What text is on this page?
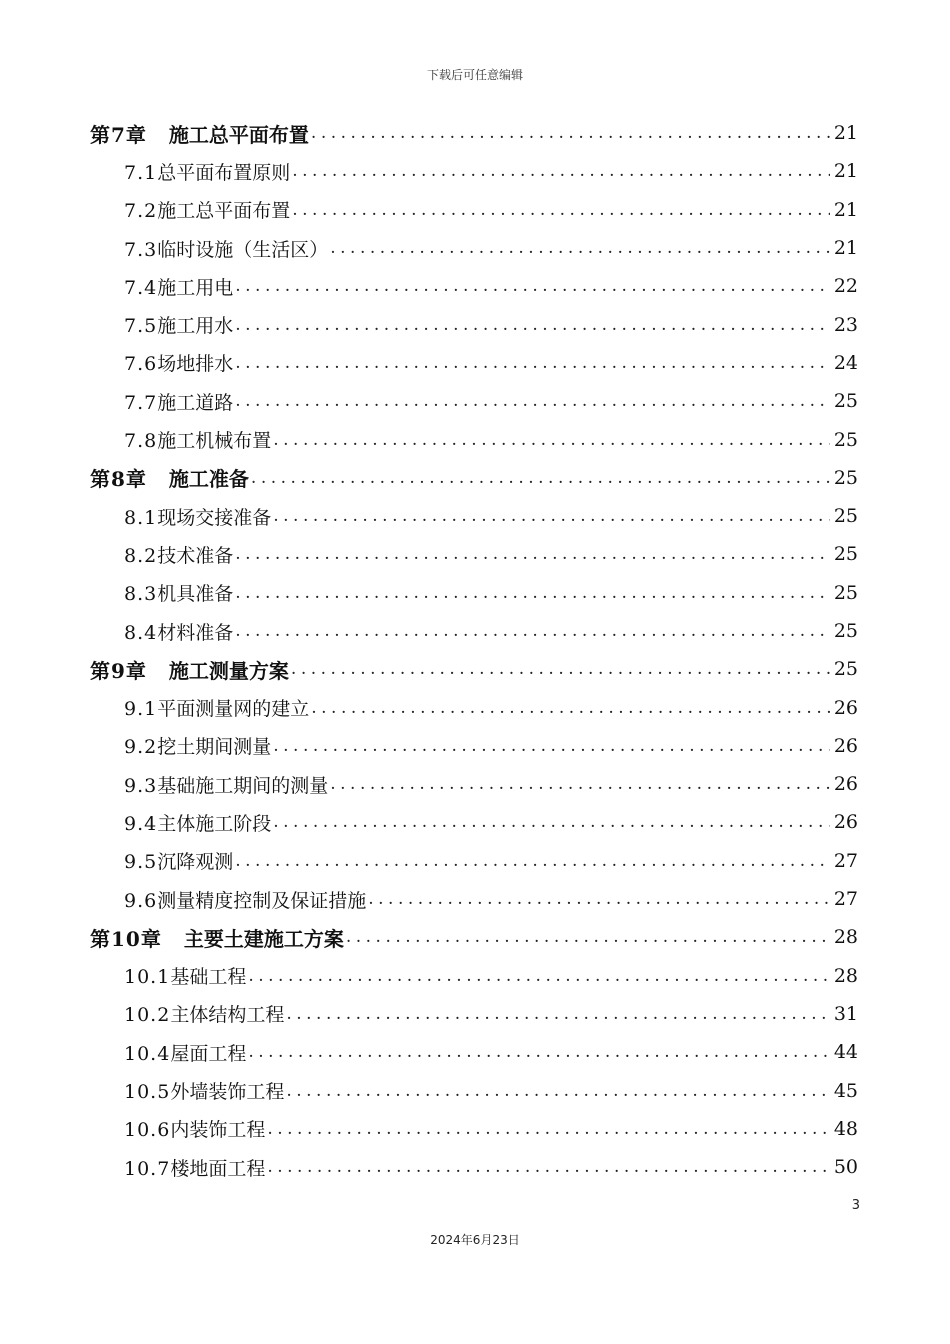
下载后可任意编辑
第7章 施工总平面布置 .....	21
7.1总平面布置原则 .....	21
7.2施工总平面布置 .....	21
7.3临时设施（生活区） .....	21
7.4施工用电 .....	22
7.5施工用水 .....	23
7.6场地排水 .....	24
7.7施工道路 .....	25
7.8施工机械布置 .....	25
第8章 施工准备 .....	25
8.1现场交接准备 .....	25
8.2技术准备 .....	25
8.3机具准备 .....	25
8.4材料准备 .....	25
第9章 施工测量方案 .....	25
9.1平面测量网的建立 .....	26
9.2挖土期间测量 .....	26
9.3基础施工期间的测量 .....	26
9.4主体施工阶段 .....	26
9.5沉降观测 .....	27
9.6测量精度控制及保证措施 .....	27
第10章 主要土建施工方案 .....	28
10.1基础工程 .....	28
10.2主体结构工程 .....	31
10.4屋面工程 .....	44
10.5外墙装饰工程 .....	45
10.6内装饰工程 .....	48
10.7楼地面工程 .....	50
3
2024年6月23日
